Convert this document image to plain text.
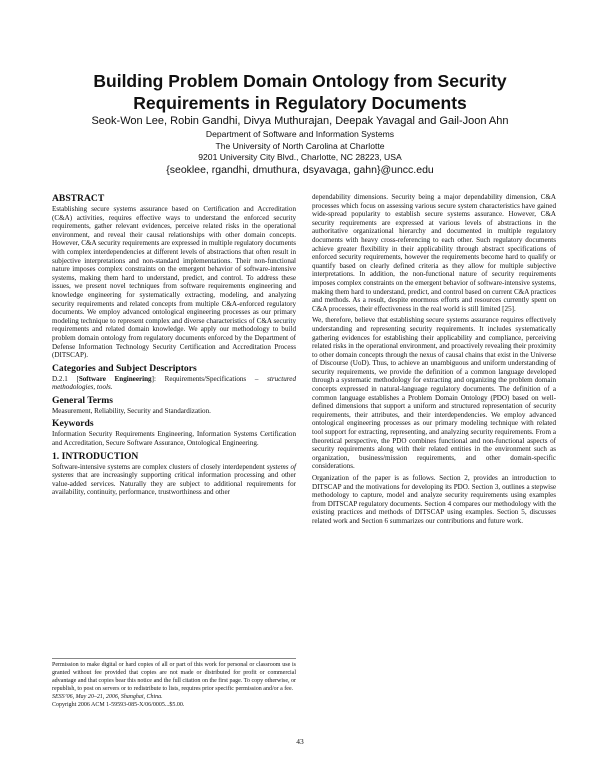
Building Problem Domain Ontology from Security
Requirements in Regulatory Documents
Seok-Won Lee, Robin Gandhi, Divya Muthurajan, Deepak Yavagal and Gail-Joon Ahn
Department of Software and Information Systems
The University of North Carolina at Charlotte
9201 University City Blvd., Charlotte, NC 28223, USA
{seoklee, rgandhi, dmuthura, dsyavaga, gahn}@uncc.edu
ABSTRACT

Establishing secure systems assurance based on Certification and Accreditation (C&A) activities, requires effective ways to understand the enforced security requirements, gather relevant evidences, perceive related risks in the operational environment, and reveal their causal relationships with other domain concepts. However, C&A security requirements are expressed in multiple regulatory documents with complex interdependencies at different levels of abstractions that often result in subjective interpretations and non-standard implementations. Their non-functional nature imposes complex constraints on the emergent behavior of software-intensive systems, making them hard to understand, predict, and control. To address these issues, we present novel techniques from software requirements engineering and knowledge engineering for systematically extracting, modeling, and analyzing security requirements and related concepts from multiple C&A-enforced regulatory documents. We employ advanced ontological engineering processes as our primary modeling technique to represent complex and diverse characteristics of C&A security requirements and related domain knowledge. We apply our methodology to build problem domain ontology from regulatory documents enforced by the Department of Defense Information Technology Security Certification and Accreditation Process (DITSCAP).

Categories and Subject Descriptors

D.2.1 [Software Engineering]: Requirements/Specifications – structured methodologies, tools.

General Terms

Measurement, Reliability, Security and Standardization.

Keywords

Information Security Requirements Engineering, Information Systems Certification and Accreditation, Secure Software Assurance, Ontological Engineering.

1. INTRODUCTION

Software-intensive systems are complex clusters of closely interdependent systems of systems that are increasingly supporting critical information processing and other value-added services. Naturally they are subject to additional requirements for availability, continuity, performance, trustworthiness and other

Permission to make digital or hard copies of all or part of this work for personal or classroom use is granted without fee provided that copies are not made or distributed for profit or commercial advantage and that copies bear this notice and the full citation on the first page. To copy otherwise, or republish, to post on servers or to redistribute to lists, requires prior specific permission and/or a fee.

SESS’06, May 20–21, 2006, Shanghai, China.

Copyright 2006 ACM 1-59593-085-X/06/0005...$5.00.

dependability dimensions. Security being a major dependability dimension, C&A processes which focus on assessing various secure system characteristics have gained wide-spread popularity to establish secure systems assurance. However, C&A security requirements are expressed at various levels of abstractions in the authoritative organizational hierarchy and documented in multiple regulatory documents with heavy cross-referencing to each other. Such regulatory documents achieve greater flexibility in their applicability through abstract specifications of enforced security requirements, however the requirements become hard to qualify or quantify based on clearly defined criteria as they allow for multiple subjective interpretations. In addition, the non-functional nature of security requirements imposes complex constraints on the emergent behavior of software-intensive systems, making them hard to understand, predict, and control based on current C&A practices and methods. As a result, despite enormous efforts and resources currently spent on C&A processes, their effectiveness in the real world is still limited [25].

We, therefore, believe that establishing secure systems assurance requires effectively understanding and representing security requirements. It includes systematically gathering evidences for establishing their applicability and compliance, perceiving related risks in the operational environment, and proactively revealing their proximity to other domain concepts through the nexus of causal chains that exist in the Universe of Discourse (UoD). Thus, to achieve an unambiguous and uniform understanding of security requirements, we provide the definition of a common language developed through a systematic methodology for extracting and organizing the problem domain concepts expressed in natural-language regulatory documents. The definition of a common language establishes a Problem Domain Ontology (PDO) based on well-defined dimensions that support a uniform and structured representation of security requirements, their attributes, and their interdependencies. We employ advanced ontological engineering processes as our primary modeling technique with related tool support for extracting, representing, and analyzing security requirements. From a theoretical perspective, the PDO combines functional and non-functional aspects of security requirements along with their related entities in the environment such as organization, business/mission requirements, and other domain-specific considerations.

Organization of the paper is as follows. Section 2, provides an introduction to DITSCAP and the motivations for developing its PDO. Section 3, outlines a stepwise methodology to capture, model and analyze security requirements using examples from DITSCAP regulatory documents. Section 4 compares our methodology with the existing practices and methods of DITSCAP using examples. Section 5, discusses related work and Section 6 summarizes our contributions and future work.

43
